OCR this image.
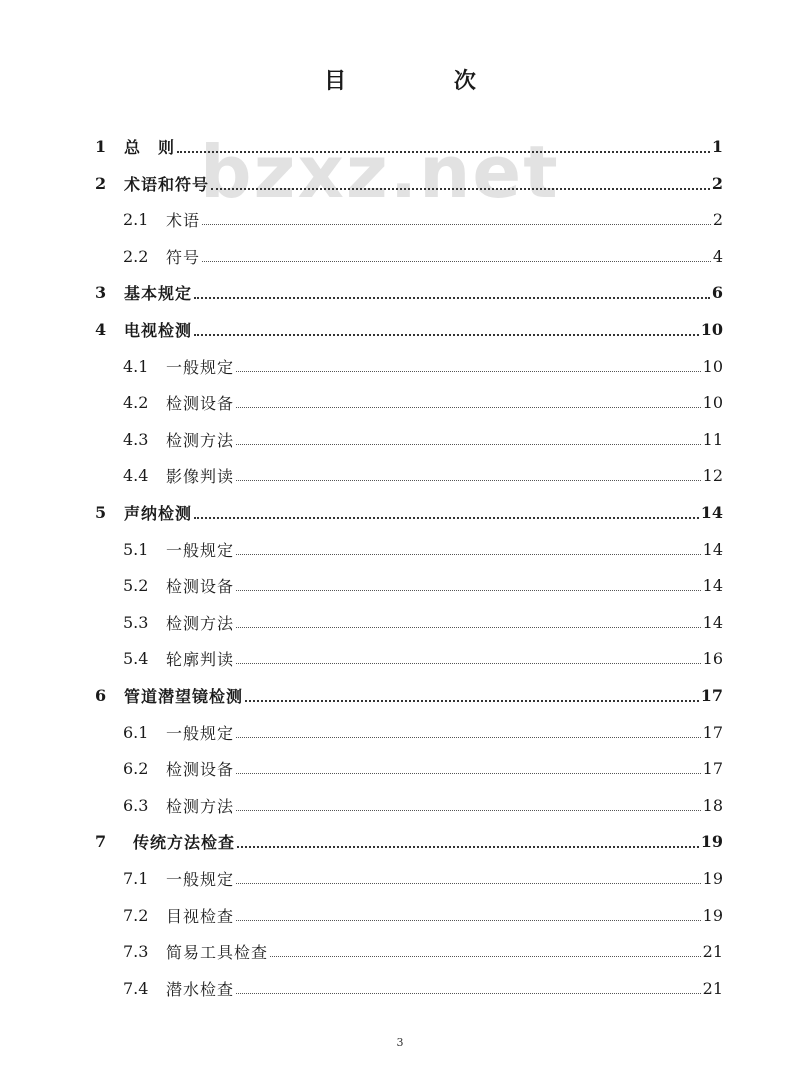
目 次
bzxz.net
1	总　则	1
2	术语和符号	2
2.1	术语	2
2.2	符号	4
3	基本规定	6
4	电视检测	10
4.1	一般规定	10
4.2	检测设备	10
4.3	检测方法	11
4.4	影像判读	12
5	声纳检测	14
5.1	一般规定	14
5.2	检测设备	14
5.3	检测方法	14
5.4	轮廓判读	16
6	管道潜望镜检测	17
6.1	一般规定	17
6.2	检测设备	17
6.3	检测方法	18
7	传统方法检查	19
7.1	一般规定	19
7.2	目视检查	19
7.3	简易工具检查	21
7.4	潜水检查	21
3
